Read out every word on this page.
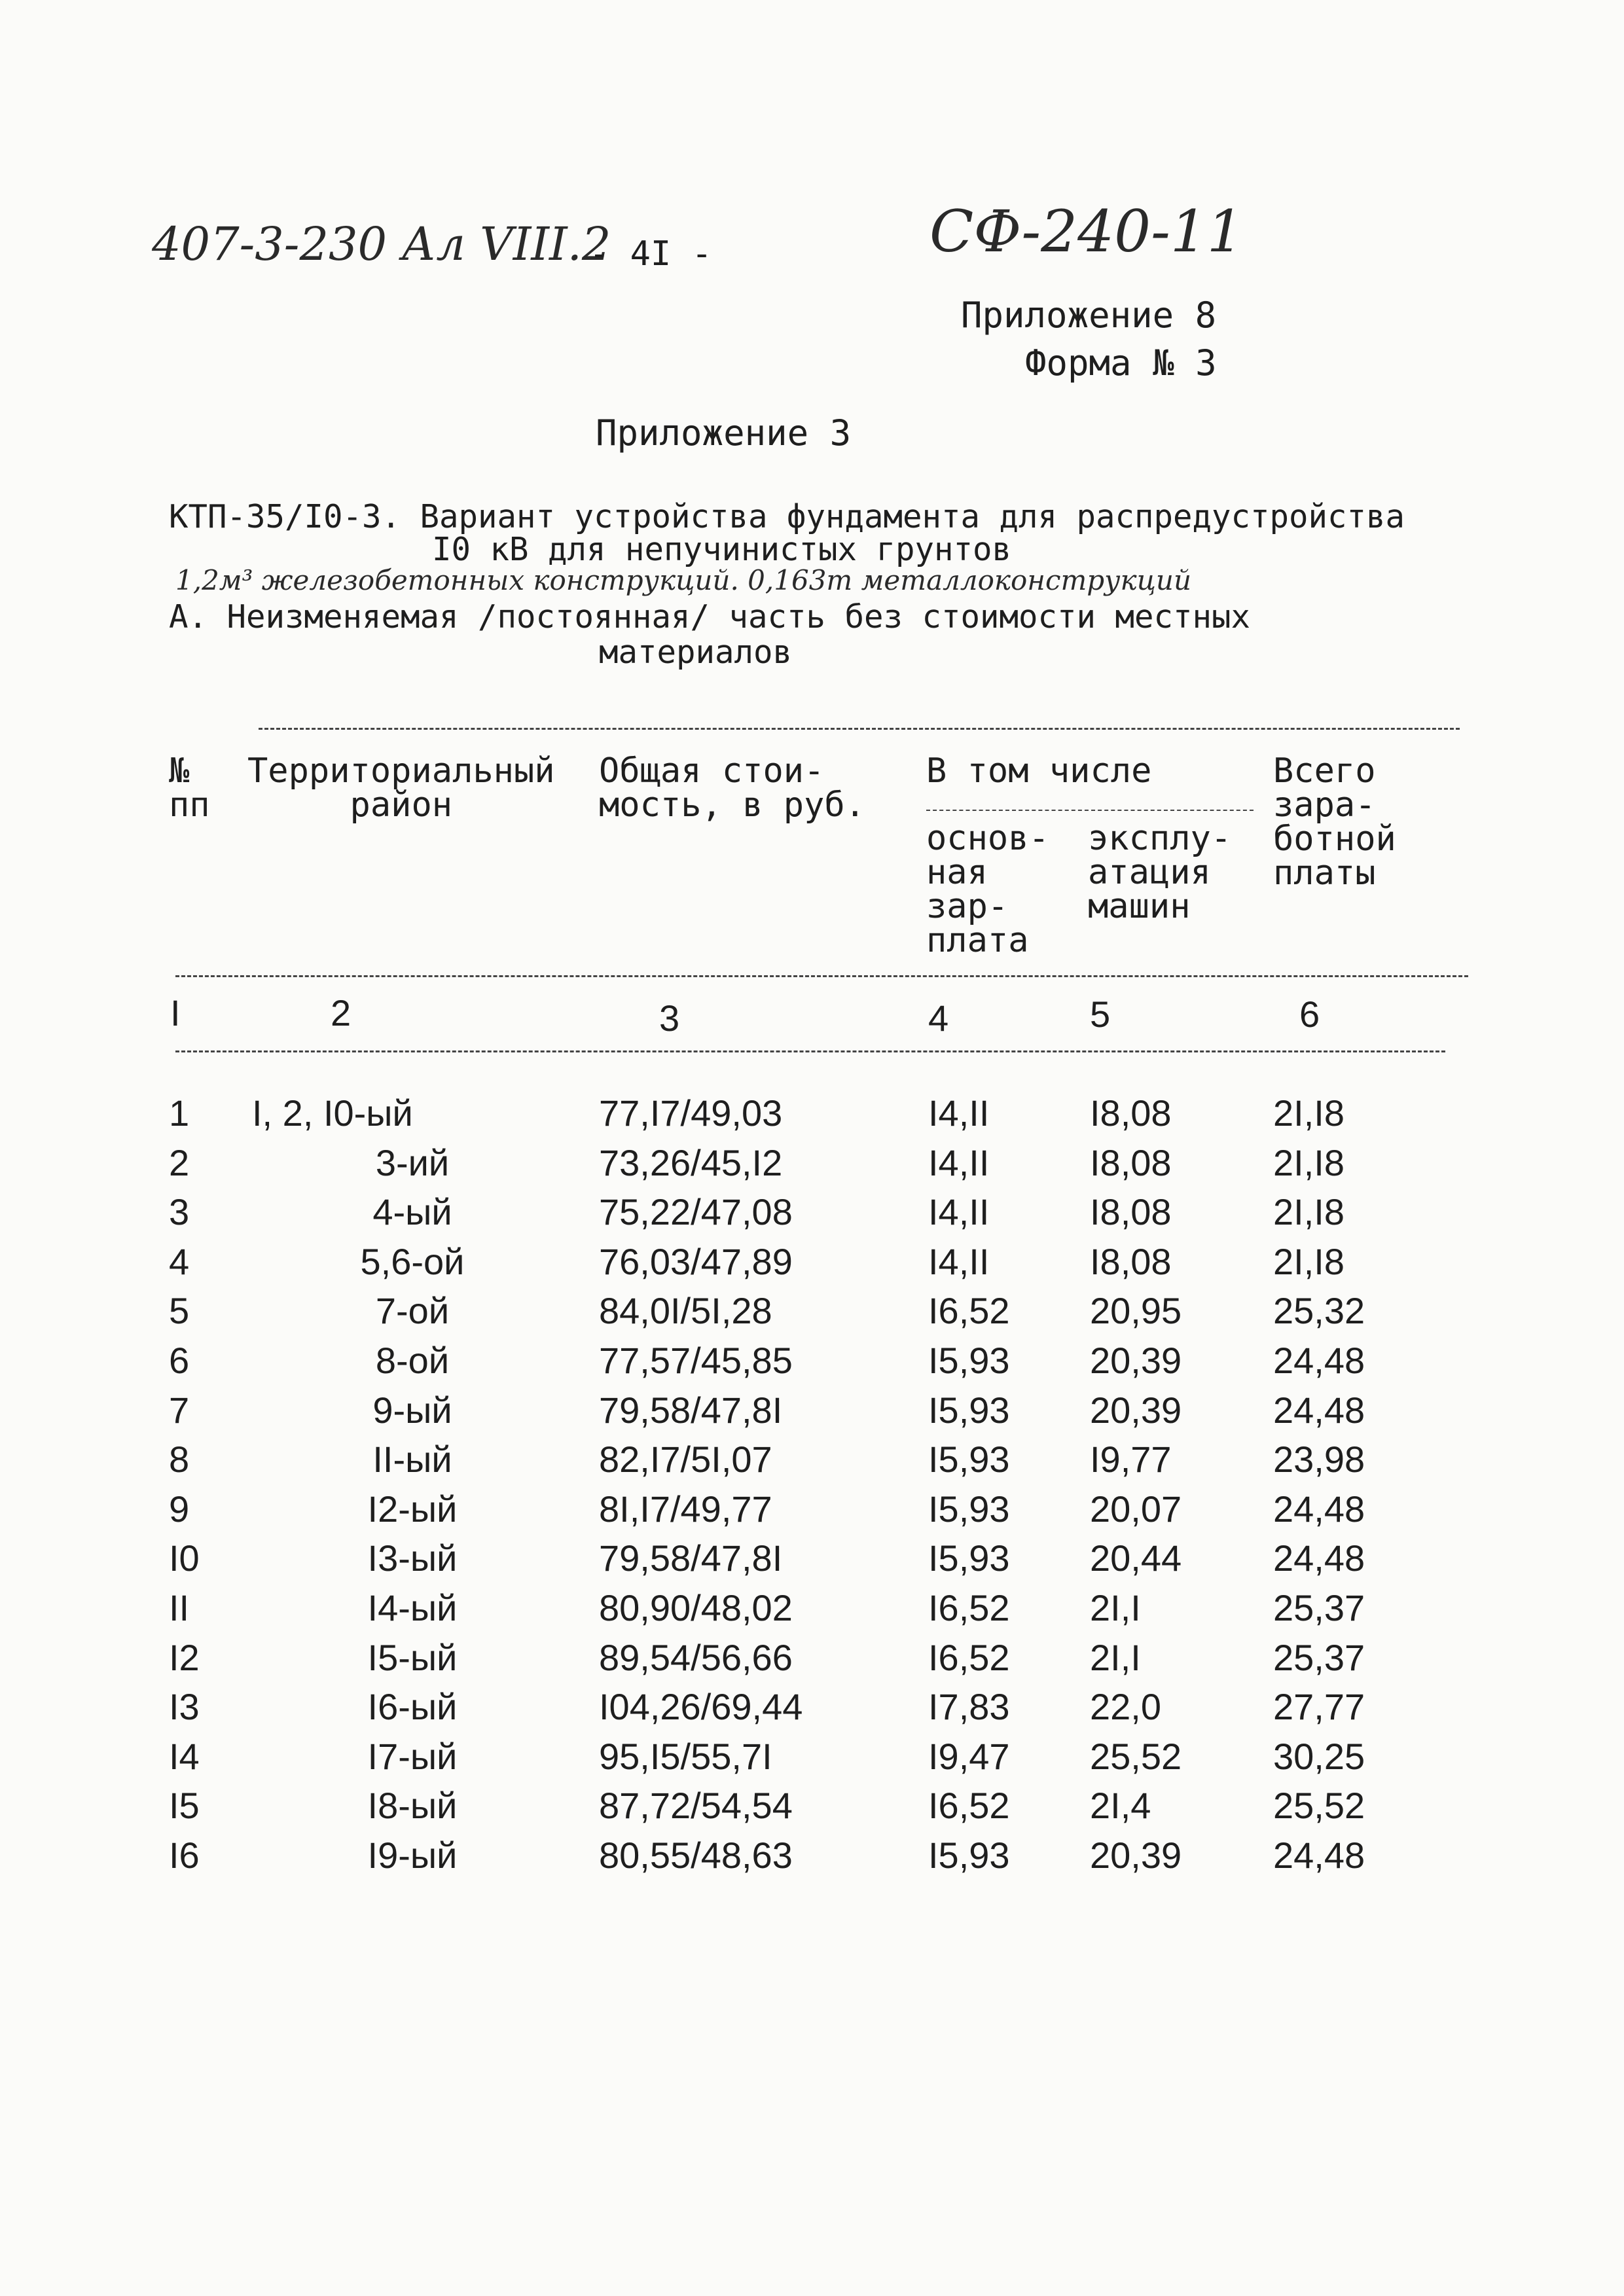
407-3-230 Ал VIII.2
- 4I -	СФ-240-11
Приложение 8
Форма № 3
Приложение 3
КТП-35/I0-3. Вариант устройства фундамента для распредустройства
I0 кВ для непучинистых грунтов
1,2м³ железобетонных конструкций. 0,163т металлоконструкций
А. Неизменяемая /постоянная/ часть без стоимости местных
материалов
№
пп
Территориальный
район
Общая стои-
мость, в руб.
В том числе
основ-
ная
зар-
плата
эксплу-
атация
машин
Всего
зара-
ботной
платы
I	2	3	4	5	6
1 I, 2, I0-ый	77,I7/49,03	I4,II	I8,08	2I,I8
2	3-ий	73,26/45,I2	I4,II	I8,08	2I,I8
3	4-ый	75,22/47,08	I4,II	I8,08	2I,I8
4	5,6-ой	76,03/47,89	I4,II	I8,08	2I,I8
5	7-ой	84,0I/5I,28	I6,52 20,95 25,32
6	8-ой	77,57/45,85	I5,93 20,39 24,48
7	9-ый	79,58/47,8I	I5,93 20,39 24,48
8	II-ый	82,I7/5I,07	I5,93 I9,77	23,98
9	I2-ый	8I,I7/49,77	I5,93 20,07 24,48
I0	I3-ый	79,58/47,8I	I5,93 20,44 24,48
II	I4-ый	80,90/48,02	I6,52 2I,I	25,37
I2	I5-ый	89,54/56,66	I6,52 2I,I	25,37
I3	I6-ый	I04,26/69,44	I7,83 22,0	27,77
I4	I7-ый	95,I5/55,7I	I9,47 25,52 30,25
I5	I8-ый	87,72/54,54	I6,52 2I,4	25,52
I6	I9-ый	80,55/48,63	I5,93 20,39 24,48
